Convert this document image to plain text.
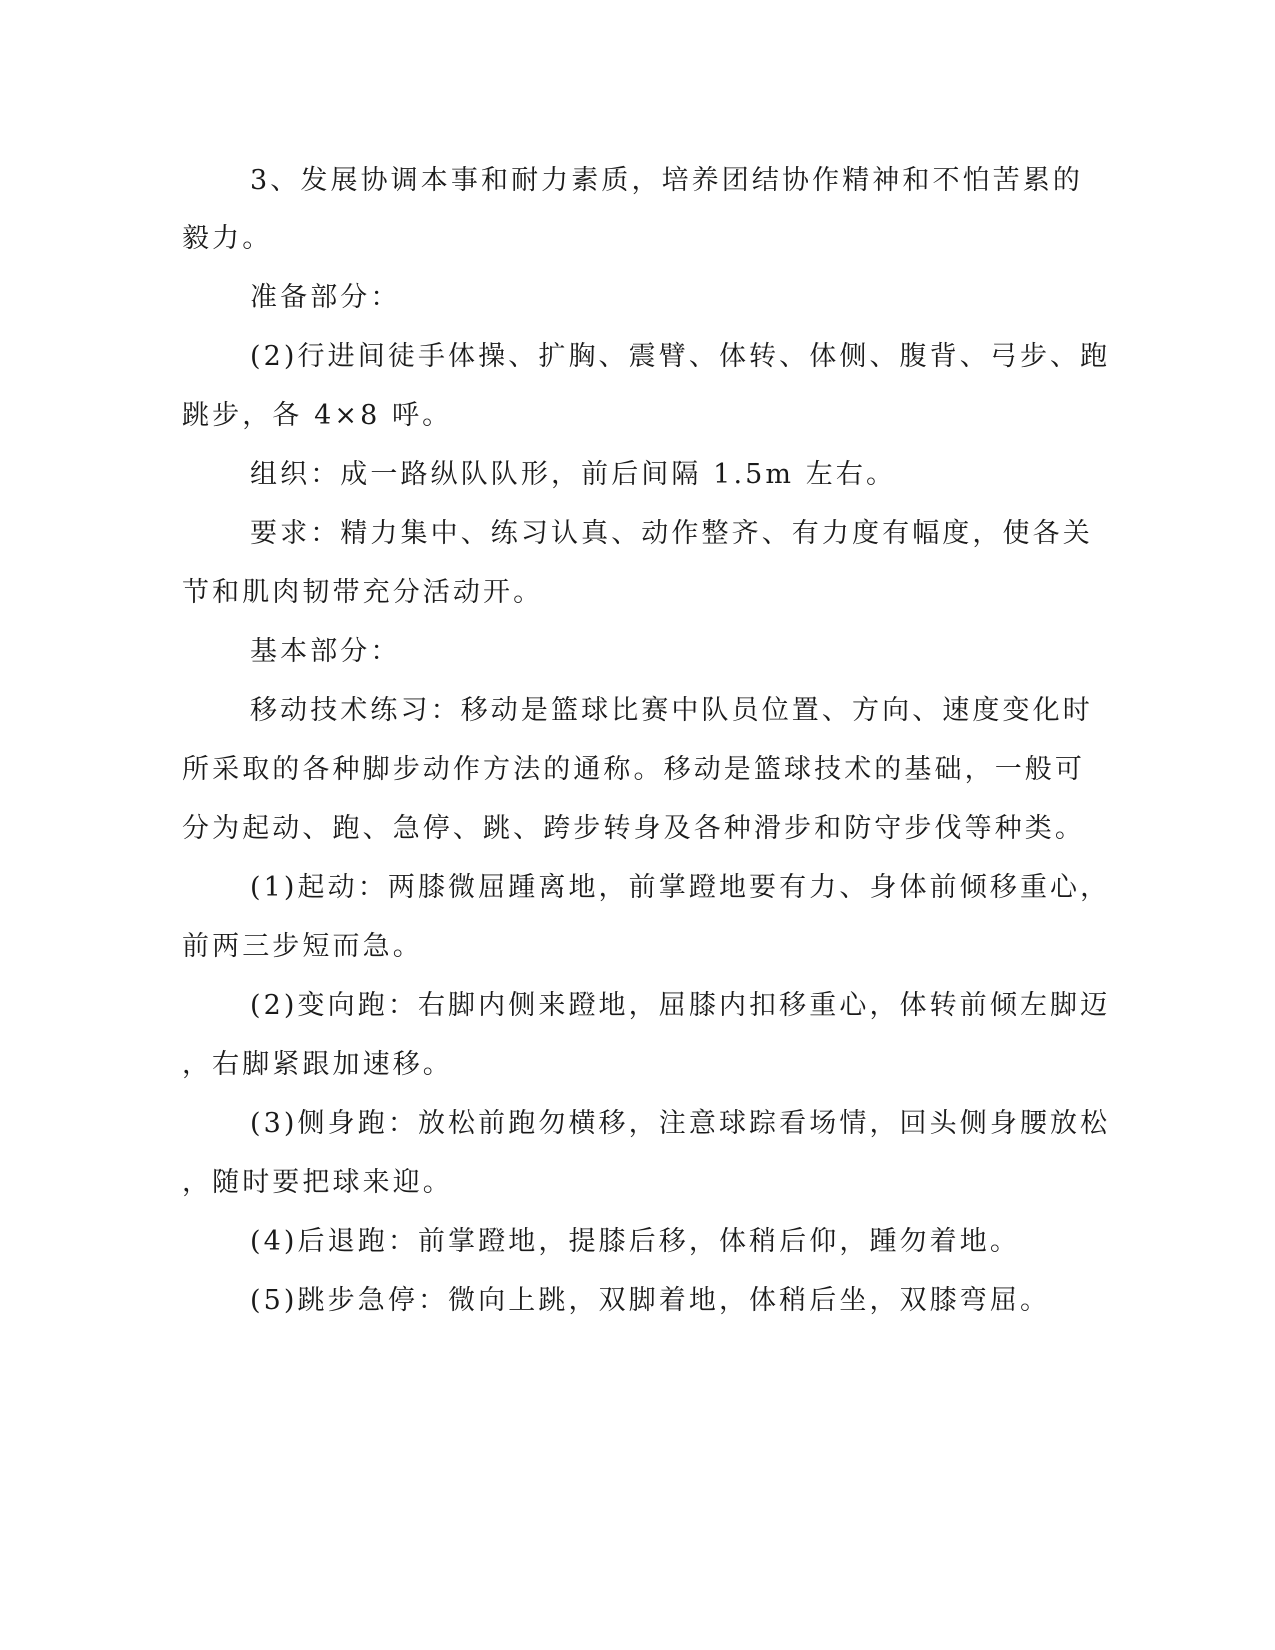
3、发展协调本事和耐力素质，培养团结协作精神和不怕苦累的
毅力。
准备部分：
(2)行进间徒手体操、扩胸、震臂、体转、体侧、腹背、弓步、跑
跳步，各 4×8 呼。
组织：成一路纵队队形，前后间隔 1.5m 左右。
要求：精力集中、练习认真、动作整齐、有力度有幅度，使各关
节和肌肉韧带充分活动开。
基本部分：
移动技术练习：移动是篮球比赛中队员位置、方向、速度变化时
所采取的各种脚步动作方法的通称。移动是篮球技术的基础，一般可
分为起动、跑、急停、跳、跨步转身及各种滑步和防守步伐等种类。
(1)起动：两膝微屈踵离地，前掌蹬地要有力、身体前倾移重心，
前两三步短而急。
(2)变向跑：右脚内侧来蹬地，屈膝内扣移重心，体转前倾左脚迈
，右脚紧跟加速移。
(3)侧身跑：放松前跑勿横移，注意球踪看场情，回头侧身腰放松
，随时要把球来迎。
(4)后退跑：前掌蹬地，提膝后移，体稍后仰，踵勿着地。
(5)跳步急停：微向上跳，双脚着地，体稍后坐，双膝弯屈。
